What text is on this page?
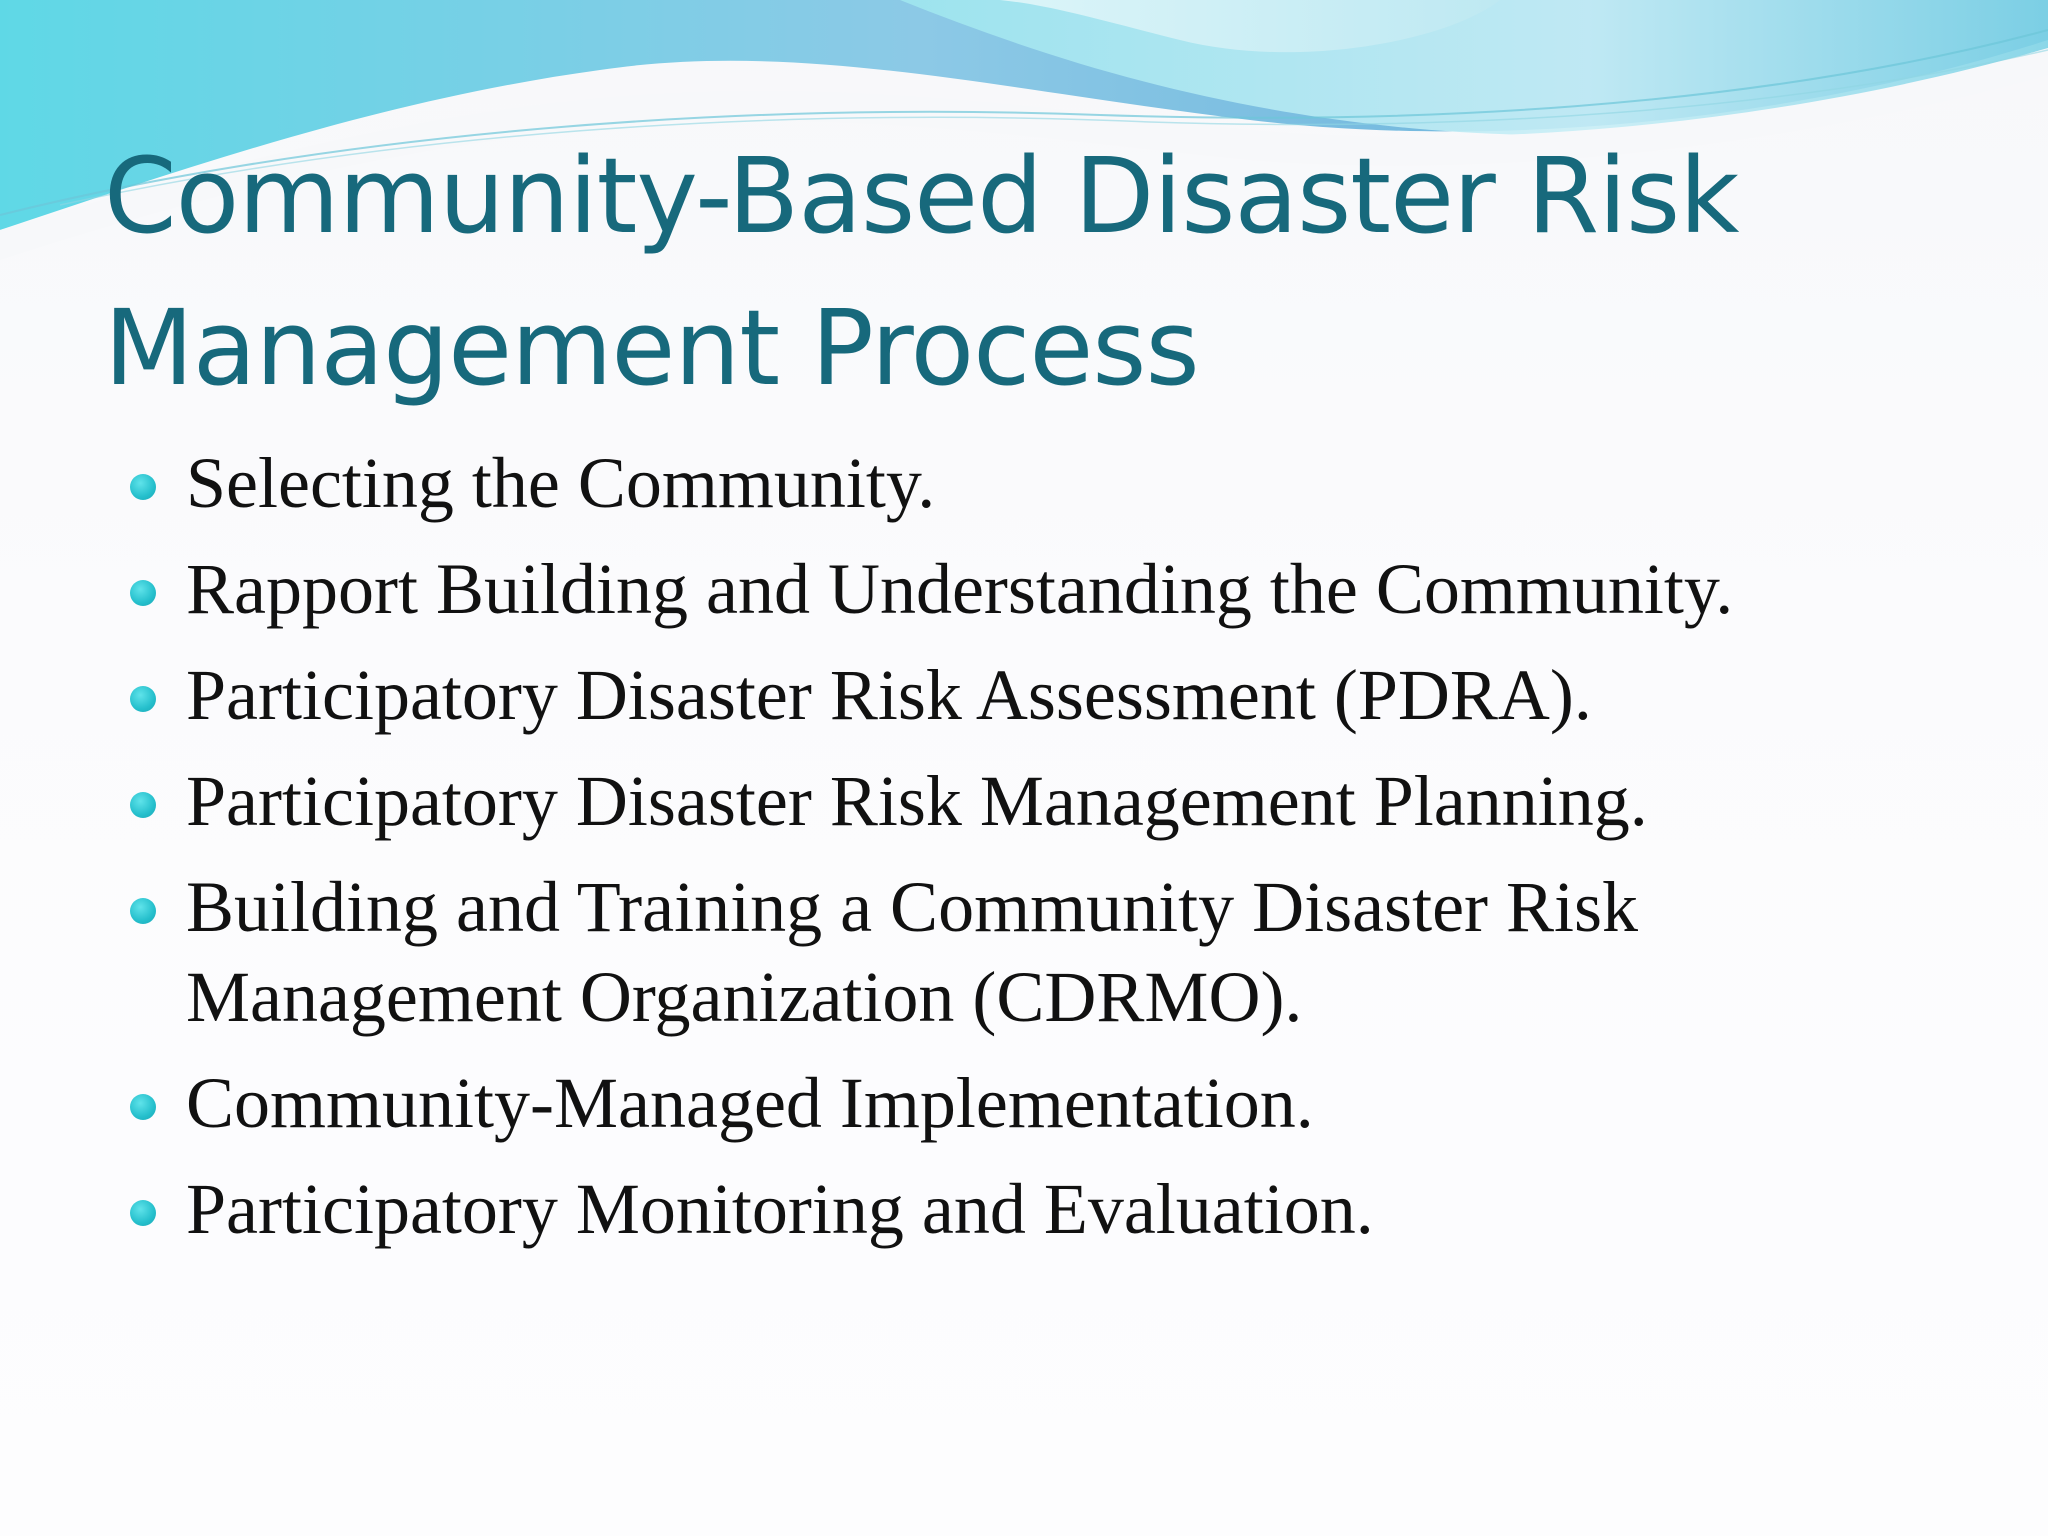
Community-Based Disaster Risk Management Process
Selecting the Community.
Rapport Building and Understanding the Community.
Participatory Disaster Risk Assessment (PDRA).
Participatory Disaster Risk Management Planning.
Building and Training a Community Disaster Risk Management Organization (CDRMO).
Community-Managed Implementation.
Participatory Monitoring and Evaluation.
